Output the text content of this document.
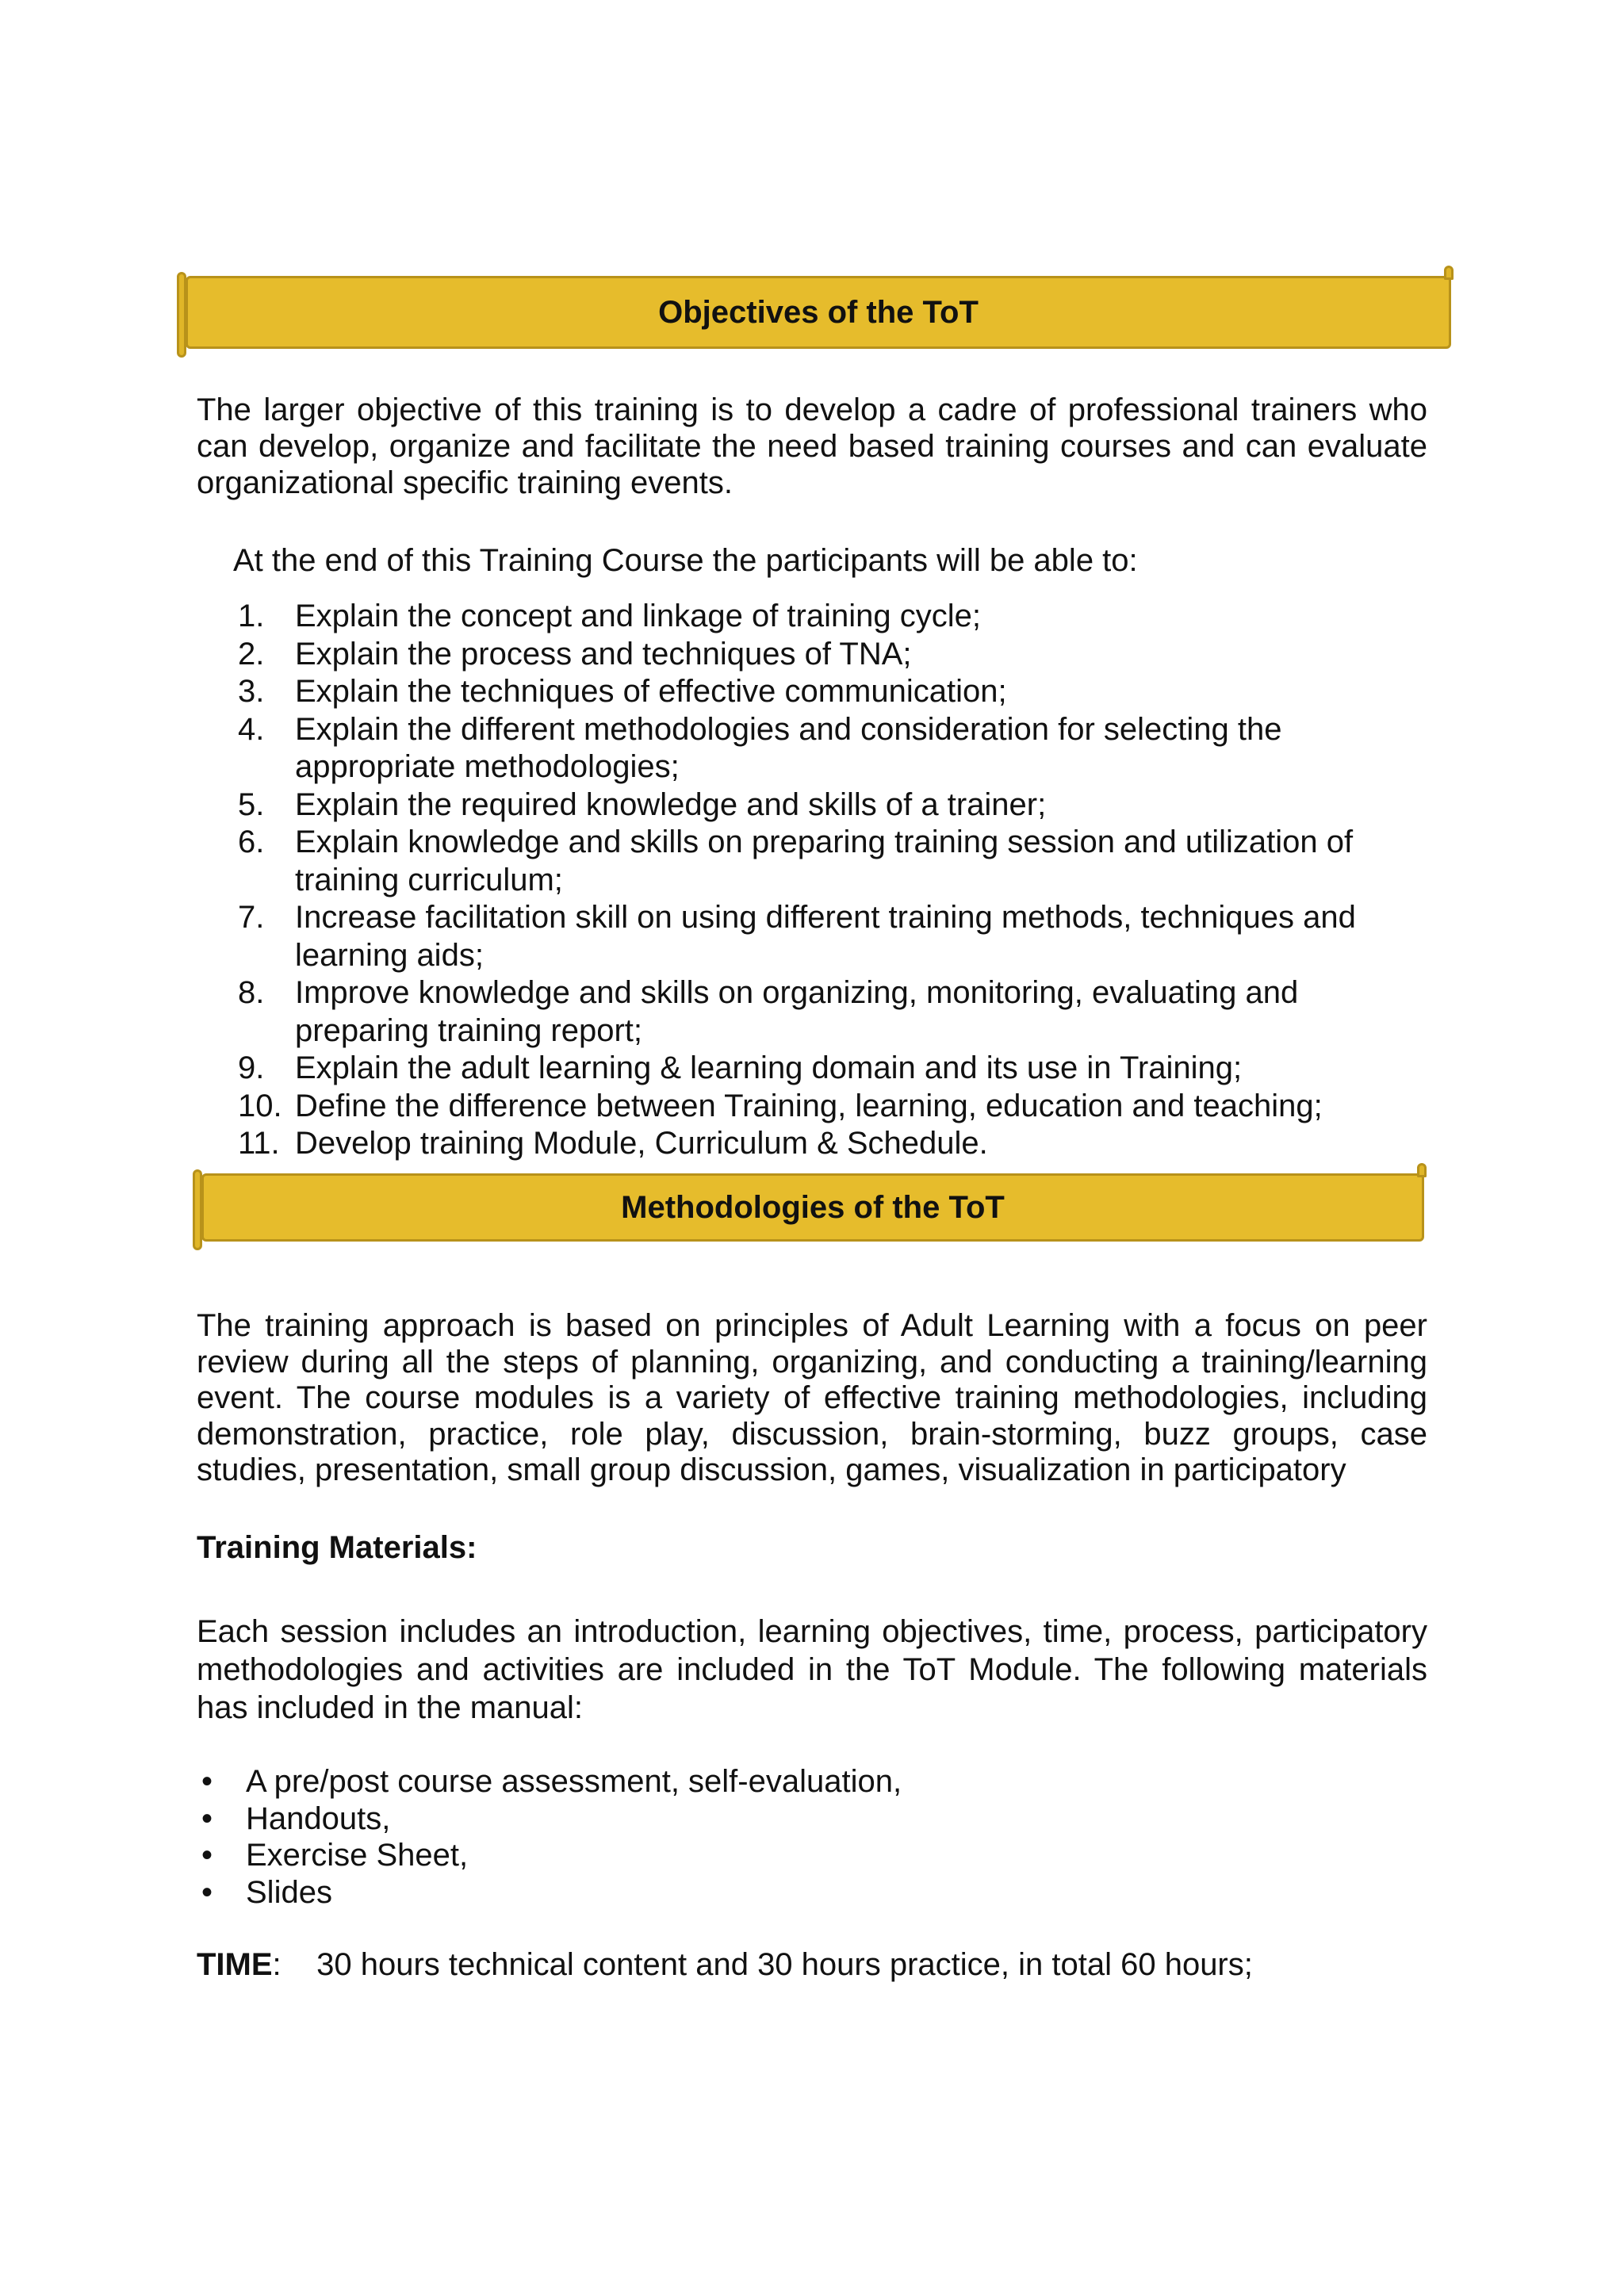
Objectives of the ToT

The larger objective of this training is to develop a cadre of professional trainers who can develop, organize and facilitate the need based training courses and can evaluate organizational specific training events.

At the end of this Training Course the participants will be able to:

1. Explain the concept and linkage of training cycle;
2. Explain the process and techniques of TNA;
3. Explain the techniques of effective communication;
4. Explain the different methodologies and consideration for selecting the appropriate methodologies;
5. Explain the required knowledge and skills of a trainer;
6. Explain knowledge and skills on preparing training session and utilization of training curriculum;
7. Increase facilitation skill on using different training methods, techniques and learning aids;
8. Improve knowledge and skills on organizing, monitoring, evaluating and preparing training report;
9. Explain the adult learning & learning domain and its use in Training;
10. Define the difference between Training, learning, education and teaching;
11. Develop training Module, Curriculum & Schedule.
Methodologies of the ToT

The training approach is based on principles of Adult Learning with a focus on peer review during all the steps of planning, organizing, and conducting a training/learning event. The course modules is a variety of effective training methodologies, including demonstration, practice, role play, discussion, brain-storming, buzz groups, case studies, presentation, small group discussion, games, visualization in participatory

Training Materials:

Each session includes an introduction, learning objectives, time, process, participatory methodologies and activities are included in the ToT Module. The following materials has included in the manual:

• A pre/post course assessment, self-evaluation,
• Handouts,
• Exercise Sheet,
• Slides

TIME: 30 hours technical content and 30 hours practice, in total 60 hours;
